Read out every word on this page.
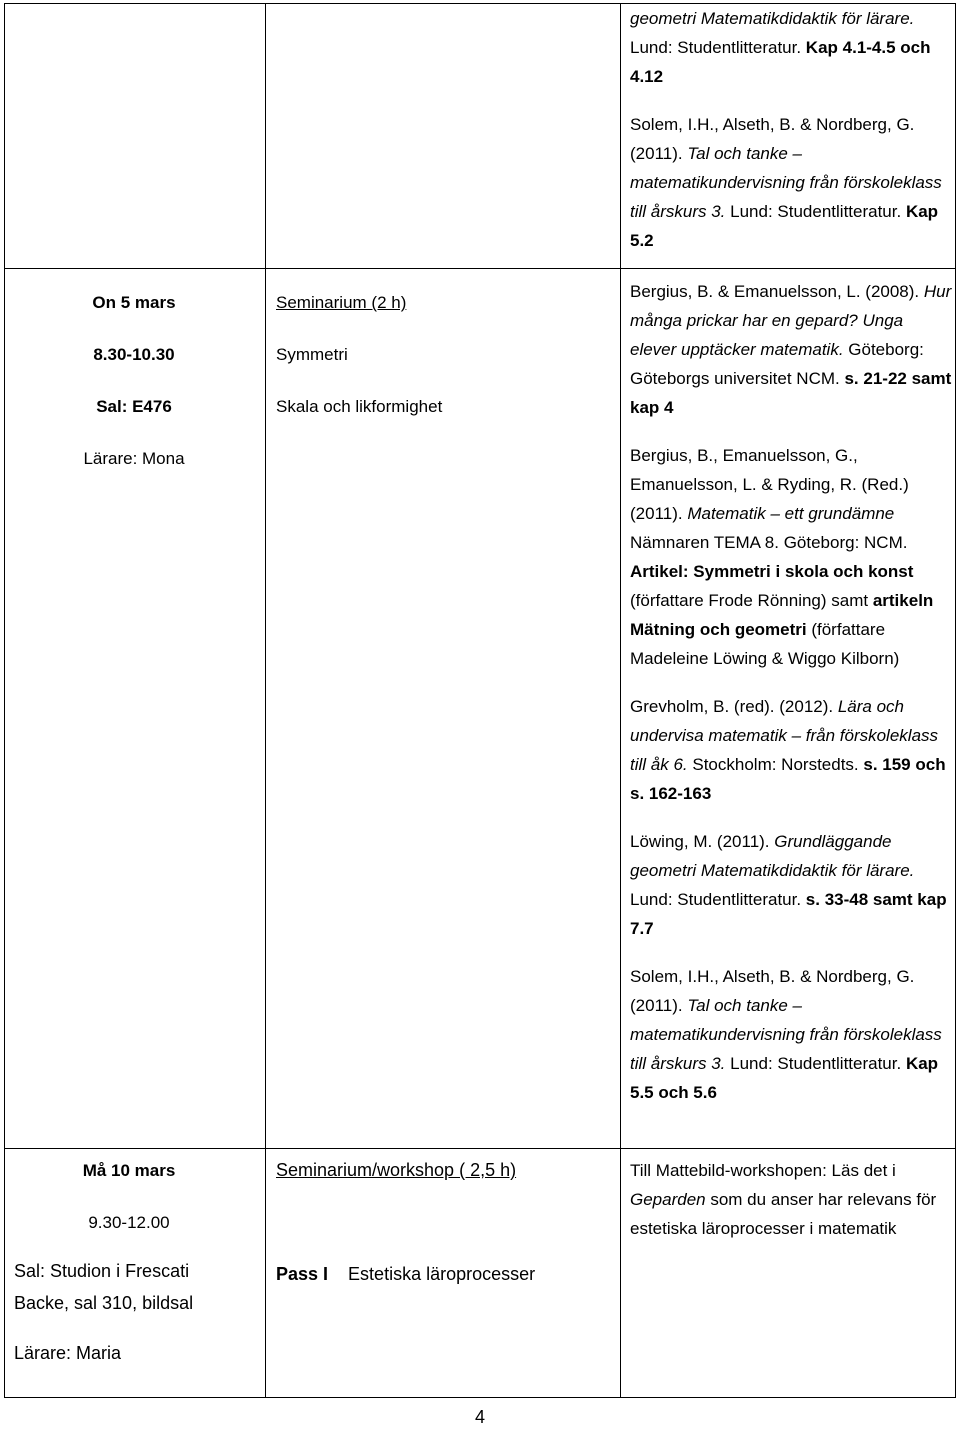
geometri Matematikdidaktik för lärare. Lund: Studentlitteratur. Kap 4.1-4.5 och 4.12

Solem, I.H., Alseth, B. & Nordberg, G. (2011). Tal och tanke – matematikundervisning från förskoleklass till årskurs 3. Lund: Studentlitteratur. Kap 5.2

On 5 mars

8.30-10.30

Sal: E476

Lärare: Mona

Seminarium (2 h)

Symmetri

Skala och likformighet

Bergius, B. & Emanuelsson, L. (2008). Hur många prickar har en gepard? Unga elever upptäcker matematik. Göteborg: Göteborgs universitet NCM. s. 21-22 samt kap 4

Bergius, B., Emanuelsson, G., Emanuelsson, L. & Ryding, R. (Red.) (2011). Matematik – ett grundämne Nämnaren TEMA 8. Göteborg: NCM. Artikel: Symmetri i skola och konst (författare Frode Rönning) samt artikeln Mätning och geometri (författare Madeleine Löwing & Wiggo Kilborn)

Grevholm, B. (red). (2012). Lära och undervisa matematik – från förskoleklass till åk 6. Stockholm: Norstedts. s. 159 och s. 162-163

Löwing, M. (2011). Grundläggande geometri Matematikdidaktik för lärare. Lund: Studentlitteratur. s. 33-48 samt kap 7.7

Solem, I.H., Alseth, B. & Nordberg, G. (2011). Tal och tanke – matematikundervisning från förskoleklass till årskurs 3. Lund: Studentlitteratur. Kap 5.5 och 5.6

Må 10 mars

9.30-12.00

Sal: Studion i Frescati Backe, sal 310, bildsal

Lärare: Maria

Seminarium/workshop ( 2,5 h)

Pass I Estetiska läroprocesser

Till Mattebild-workshopen: Läs det i Geparden som du anser har relevans för estetiska läroprocesser i matematik

4
